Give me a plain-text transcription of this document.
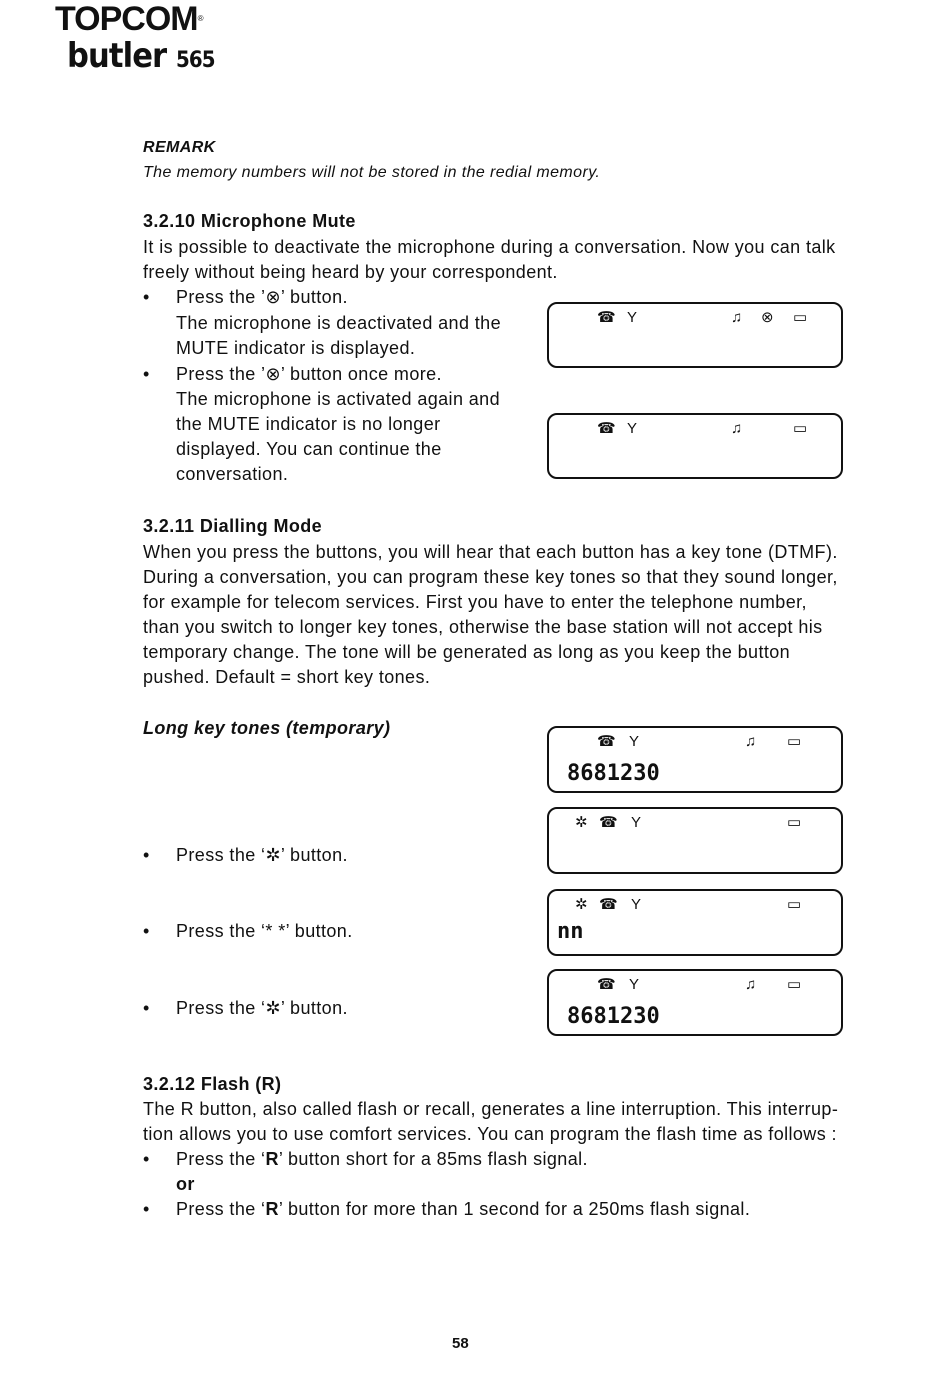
TOPCOM®
butler 565
REMARK
The memory numbers will not be stored in the redial memory.
3.2.10 Microphone Mute
It is possible to deactivate the microphone during a conversation. Now you can talk
freely without being heard by your correspondent.
• Press the ’⊗’ button.
The microphone is deactivated and the
MUTE indicator is displayed.
• Press the ’⊗’ button once more.
The microphone is activated again and
the MUTE indicator is no longer
displayed. You can continue the
conversation.
☎ Y	♫ ⊗ ▭
☎ Y	♫	▭
3.2.11 Dialling Mode
When you press the buttons, you will hear that each button has a key tone (DTMF).
During a conversation, you can program these key tones so that they sound longer,
for example for telecom services. First you have to enter the telephone number,
than you switch to longer key tones, otherwise the base station will not accept his
temporary change. The tone will be generated as long as you keep the button
pushed. Default = short key tones.
Long key tones (temporary)
• Press the ‘✲’ button.
• Press the ‘* *’ button.
• Press the ‘✲’ button.
☎ Y	♫ ▭
8681230
✲ ☎ Y	▭
✲ ☎ Y	▭
nn
☎ Y	♫ ▭
8681230
3.2.12 Flash (R)
The R button, also called flash or recall, generates a line interruption. This interrup-
tion allows you to use comfort services. You can program the flash time as follows :
• Press the ‘R’ button short for a 85ms flash signal.
or
• Press the ‘R’ button for more than 1 second for a 250ms flash signal.
58
